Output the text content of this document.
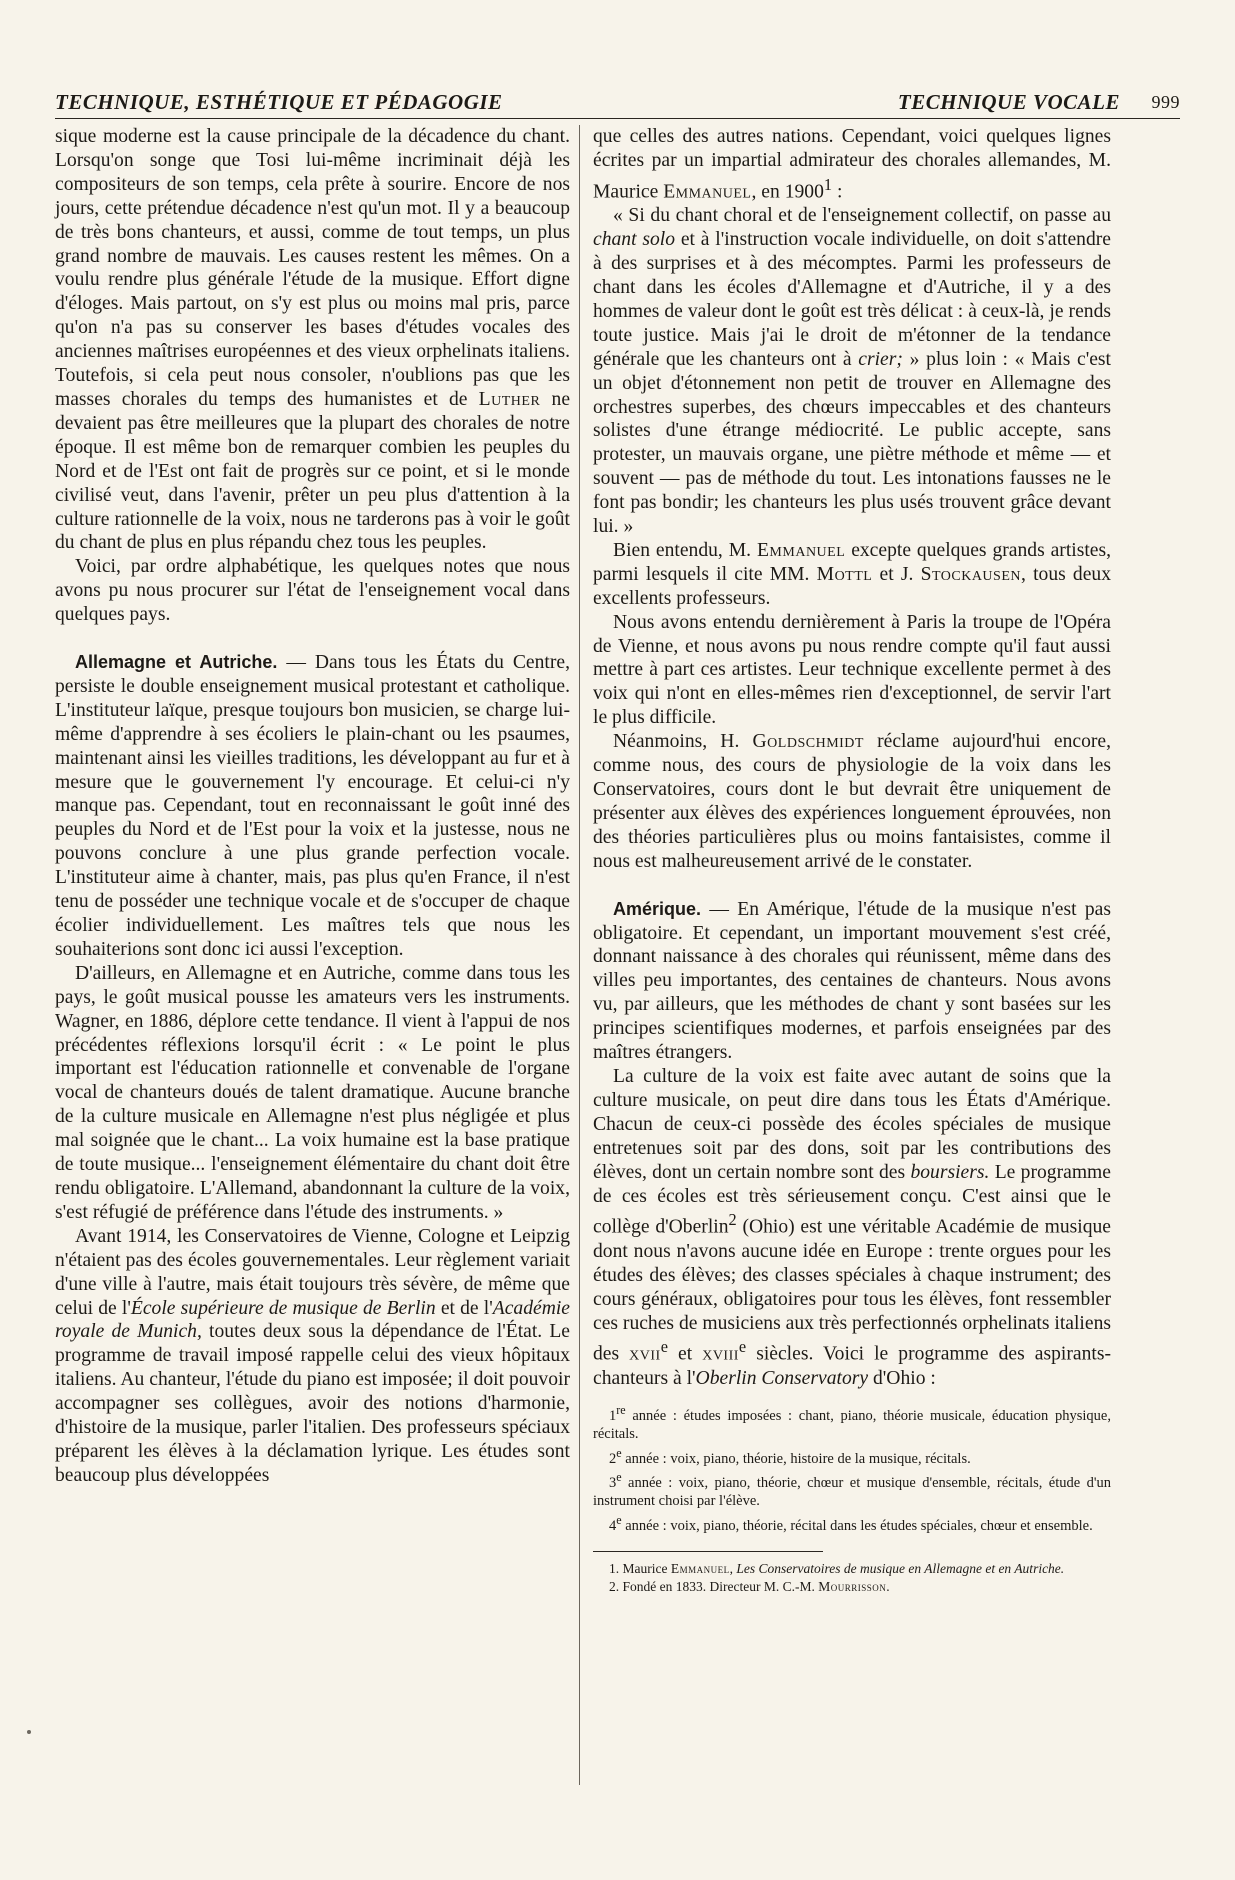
TECHNIQUE, ESTHÉTIQUE ET PÉDAGOGIE	TECHNIQUE VOCALE 999

sique moderne est la cause principale de la décadence du chant. Lorsqu'on songe que Tosi lui-même incriminait déjà les compositeurs de son temps, cela prête à sourire. Encore de nos jours, cette prétendue décadence n'est qu'un mot. Il y a beaucoup de très bons chanteurs, et aussi, comme de tout temps, un plus grand nombre de mauvais. Les causes restent les mêmes. On a voulu rendre plus générale l'étude de la musique. Effort digne d'éloges. Mais partout, on s'y est plus ou moins mal pris, parce qu'on n'a pas su conserver les bases d'études vocales des anciennes maîtrises européennes et des vieux orphelinats italiens. Toutefois, si cela peut nous consoler, n'oublions pas que les masses chorales du temps des humanistes et de Luther ne devaient pas être meilleures que la plupart des chorales de notre époque. Il est même bon de remarquer combien les peuples du Nord et de l'Est ont fait de progrès sur ce point, et si le monde civilisé veut, dans l'avenir, prêter un peu plus d'attention à la culture rationnelle de la voix, nous ne tarderons pas à voir le goût du chant de plus en plus répandu chez tous les peuples.

Voici, par ordre alphabétique, les quelques notes que nous avons pu nous procurer sur l'état de l'enseignement vocal dans quelques pays.

Allemagne et Autriche. — Dans tous les États du Centre, persiste le double enseignement musical protestant et catholique. L'instituteur laïque, presque toujours bon musicien, se charge lui-même d'apprendre à ses écoliers le plain-chant ou les psaumes, maintenant ainsi les vieilles traditions, les développant au fur et à mesure que le gouvernement l'y encourage. Et celui-ci n'y manque pas. Cependant, tout en reconnaissant le goût inné des peuples du Nord et de l'Est pour la voix et la justesse, nous ne pouvons conclure à une plus grande perfection vocale. L'instituteur aime à chanter, mais, pas plus qu'en France, il n'est tenu de posséder une technique vocale et de s'occuper de chaque écolier individuellement. Les maîtres tels que nous les souhaiterions sont donc ici aussi l'exception.

D'ailleurs, en Allemagne et en Autriche, comme dans tous les pays, le goût musical pousse les amateurs vers les instruments. Wagner, en 1886, déplore cette tendance. Il vient à l'appui de nos précédentes réflexions lorsqu'il écrit : « Le point le plus important est l'éducation rationnelle et convenable de l'organe vocal de chanteurs doués de talent dramatique. Aucune branche de la culture musicale en Allemagne n'est plus négligée et plus mal soignée que le chant... La voix humaine est la base pratique de toute musique... l'enseignement élémentaire du chant doit être rendu obligatoire. L'Allemand, abandonnant la culture de la voix, s'est réfugié de préférence dans l'étude des instruments. »

Avant 1914, les Conservatoires de Vienne, Cologne et Leipzig n'étaient pas des écoles gouvernementales. Leur règlement variait d'une ville à l'autre, mais était toujours très sévère, de même que celui de l'École supérieure de musique de Berlin et de l'Académie royale de Munich, toutes deux sous la dépendance de l'État. Le programme de travail imposé rappelle celui des vieux hôpitaux italiens. Au chanteur, l'étude du piano est imposée; il doit pouvoir accompagner ses collègues, avoir des notions d'harmonie, d'histoire de la musique, parler l'italien. Des professeurs spéciaux préparent les élèves à la déclamation lyrique. Les études sont beaucoup plus développées

que celles des autres nations. Cependant, voici quelques lignes écrites par un impartial admirateur des chorales allemandes, M. Maurice Emmanuel, en 1900$^1$ :

« Si du chant choral et de l'enseignement collectif, on passe au chant solo et à l'instruction vocale individuelle, on doit s'attendre à des surprises et à des mécomptes. Parmi les professeurs de chant dans les écoles d'Allemagne et d'Autriche, il y a des hommes de valeur dont le goût est très délicat : à ceux-là, je rends toute justice. Mais j'ai le droit de m'étonner de la tendance générale que les chanteurs ont à crier; » plus loin : « Mais c'est un objet d'étonnement non petit de trouver en Allemagne des orchestres superbes, des chœurs impeccables et des chanteurs solistes d'une étrange médiocrité. Le public accepte, sans protester, un mauvais organe, une piètre méthode et même — et souvent — pas de méthode du tout. Les intonations fausses ne le font pas bondir; les chanteurs les plus usés trouvent grâce devant lui. »

Bien entendu, M. Emmanuel excepte quelques grands artistes, parmi lesquels il cite MM. Mottl et J. Stockausen, tous deux excellents professeurs.

Nous avons entendu dernièrement à Paris la troupe de l'Opéra de Vienne, et nous avons pu nous rendre compte qu'il faut aussi mettre à part ces artistes. Leur technique excellente permet à des voix qui n'ont en elles-mêmes rien d'exceptionnel, de servir l'art le plus difficile.

Néanmoins, H. Goldschmidt réclame aujourd'hui encore, comme nous, des cours de physiologie de la voix dans les Conservatoires, cours dont le but devrait être uniquement de présenter aux élèves des expériences longuement éprouvées, non des théories particulières plus ou moins fantaisistes, comme il nous est malheureusement arrivé de le constater.

Amérique. — En Amérique, l'étude de la musique n'est pas obligatoire. Et cependant, un important mouvement s'est créé, donnant naissance à des chorales qui réunissent, même dans des villes peu importantes, des centaines de chanteurs. Nous avons vu, par ailleurs, que les méthodes de chant y sont basées sur les principes scientifiques modernes, et parfois enseignées par des maîtres étrangers.

La culture de la voix est faite avec autant de soins que la culture musicale, on peut dire dans tous les États d'Amérique. Chacun de ceux-ci possède des écoles spéciales de musique entretenues soit par des dons, soit par les contributions des élèves, dont un certain nombre sont des boursiers. Le programme de ces écoles est très sérieusement conçu. C'est ainsi que le collège d'Oberlin$^2$ (Ohio) est une véritable Académie de musique dont nous n'avons aucune idée en Europe : trente orgues pour les études des élèves; des classes spéciales à chaque instrument; des cours généraux, obligatoires pour tous les élèves, font ressembler ces ruches de musiciens aux très perfectionnés orphelinats italiens des xvii$^e$ et xviii$^e$ siècles. Voici le programme des aspirants-chanteurs à l'Oberlin Conservatory d'Ohio :

1re année : études imposées : chant, piano, théorie musicale, éducation physique, récitals.

2e année : voix, piano, théorie, histoire de la musique, récitals.

3e année : voix, piano, théorie, chœur et musique d'ensemble, récitals, étude d'un instrument choisi par l'élève.

4e année : voix, piano, théorie, récital dans les études spéciales, chœur et ensemble.

1. Maurice Emmanuel, Les Conservatoires de musique en Allemagne et en Autriche.

2. Fondé en 1833. Directeur M. C.-M. Mourrisson.
